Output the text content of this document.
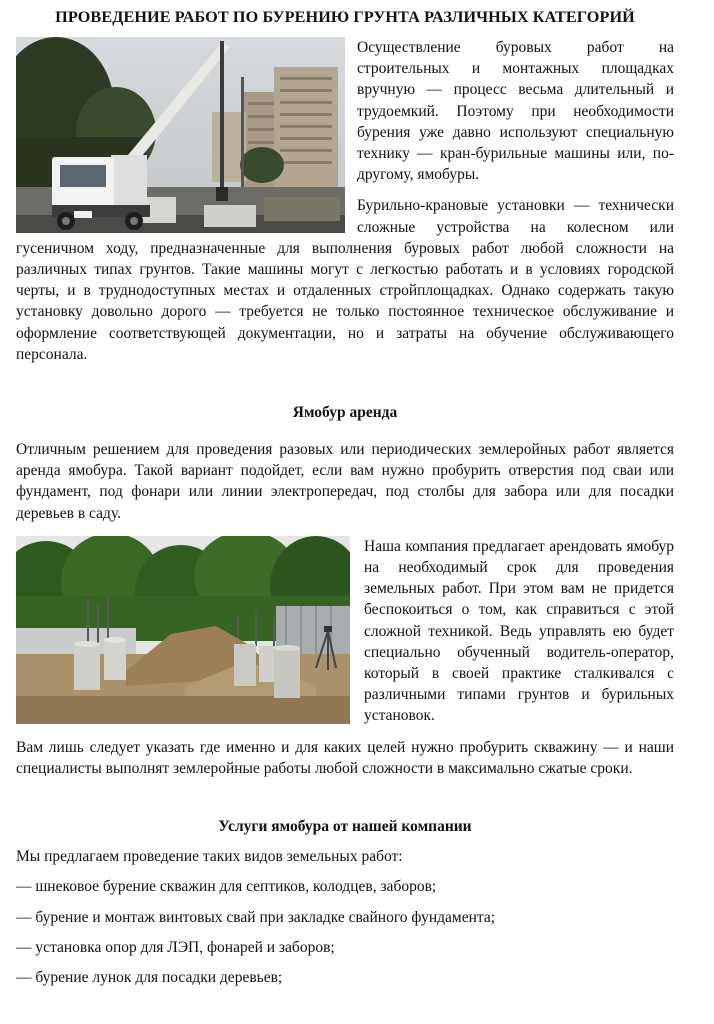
ПРОВЕДЕНИЕ РАБОТ ПО БУРЕНИЮ ГРУНТА РАЗЛИЧНЫХ КАТЕГОРИЙ

Осуществление буровых работ на строительных и монтажных площадках вручную — процесс весьма длительный и трудоемкий. Поэтому при необходимости бурения уже давно используют специальную технику — кран-бурильные машины или, по-другому, ямобуры.

Бурильно-крановые установки — технически сложные устройства на колесном или гусеничном ходу, предназначенные для выполнения буровых работ любой сложности на различных типах грунтов. Такие машины могут с легкостью работать и в условиях городской черты, и в труднодоступных местах и отдаленных стройплощадках. Однако содержать такую установку довольно дорого — требуется не только постоянное техническое обслуживание и оформление соответствующей документации, но и затраты на обучение обслуживающего персонала.

Ямобур аренда

Отличным решением для проведения разовых или периодических землеройных работ является аренда ямобура. Такой вариант подойдет, если вам нужно пробурить отверстия под сваи или фундамент, под фонари или линии электропередач, под столбы для забора или для посадки деревьев в саду.

Наша компания предлагает арендовать ямобур на необходимый срок для проведения земельных работ. При этом вам не придется беспокоиться о том, как справиться с этой сложной техникой. Ведь управлять ею будет специально обученный водитель-оператор, который в своей практике сталкивался с различными типами грунтов и бурильных установок.

Вам лишь следует указать где именно и для каких целей нужно пробурить скважину — и наши специалисты выполнят землеройные работы любой сложности в максимально сжатые сроки.

Услуги ямобура от нашей компании

Мы предлагаем проведение таких видов земельных работ:

— шнековое бурение скважин для септиков, колодцев, заборов;

— бурение и монтаж винтовых свай при закладке свайного фундамента;

— установка опор для ЛЭП, фонарей и заборов;

— бурение лунок для посадки деревьев;
